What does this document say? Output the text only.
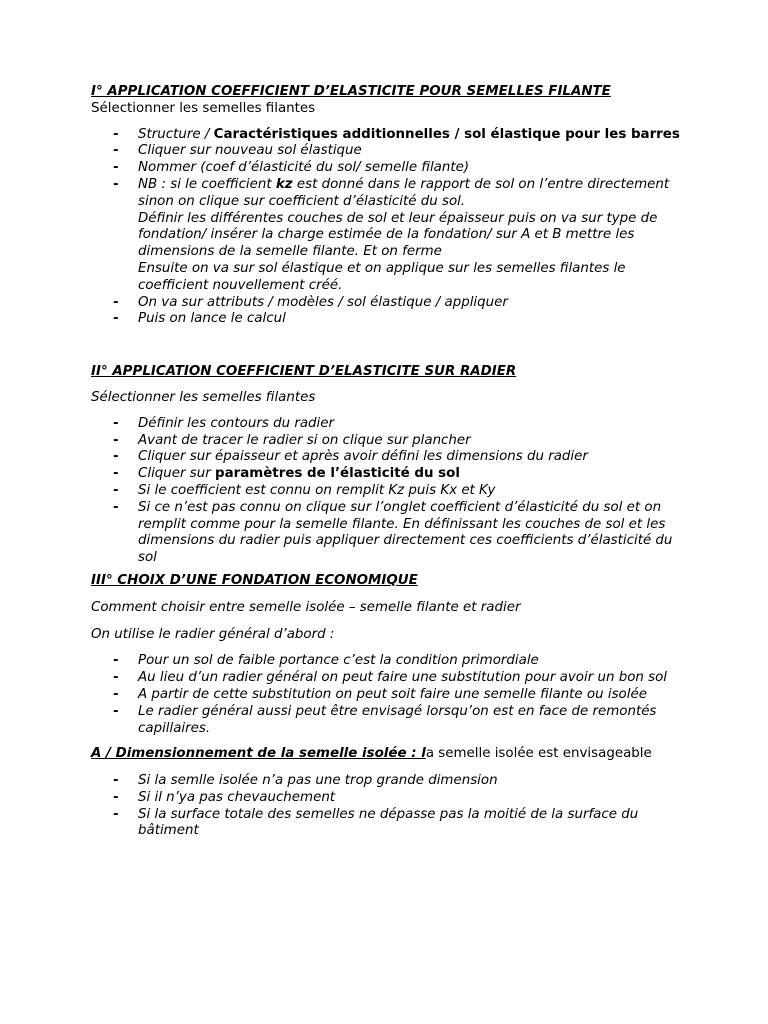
I° APPLICATION COEFFICIENT D’ELASTICITE POUR SEMELLES FILANTE

Sélectionner les semelles filantes

- Structure / Caractéristiques additionnelles / sol élastique pour les barres
- Cliquer sur nouveau sol élastique
- Nommer (coef d’élasticité du sol/ semelle filante)
- NB : si le coefficient kz est donné dans le rapport de sol on l’entre directement sinon on clique sur coefficient d’élasticité du sol.
Définir les différentes couches de sol et leur épaisseur puis on va sur type de fondation/ insérer la charge estimée de la fondation/ sur A et B mettre les dimensions de la semelle filante. Et on ferme
Ensuite on va sur sol élastique et on applique sur les semelles filantes le coefficient nouvellement créé.
- On va sur attributs / modèles / sol élastique / appliquer
- Puis on lance le calcul

II° APPLICATION COEFFICIENT D’ELASTICITE SUR RADIER

Sélectionner les semelles filantes

- Définir les contours du radier
- Avant de tracer le radier si on clique sur plancher
- Cliquer sur épaisseur et après avoir défini les dimensions du radier
- Cliquer sur paramètres de l’élasticité du sol
- Si le coefficient est connu on remplit Kz puis Kx et Ky
- Si ce n’est pas connu on clique sur l’onglet coefficient d’élasticité du sol et on remplit comme pour la semelle filante. En définissant les couches de sol et les dimensions du radier puis appliquer directement ces coefficients d’élasticité du sol

III° CHOIX D’UNE FONDATION ECONOMIQUE

Comment choisir entre semelle isolée – semelle filante et radier

On utilise le radier général d’abord :

- Pour un sol de faible portance c’est la condition primordiale
- Au lieu d’un radier général on peut faire une substitution pour avoir un bon sol
- A partir de cette substitution on peut soit faire une semelle filante ou isolée
- Le radier général aussi peut être envisagé lorsqu’on est en face de remontés capillaires.

A / Dimensionnement de la semelle isolée : la semelle isolée est envisageable

- Si la semlle isolée n’a pas une trop grande dimension
- Si il n’ya pas chevauchement
- Si la surface totale des semelles ne dépasse pas la moitié de la surface du bâtiment
